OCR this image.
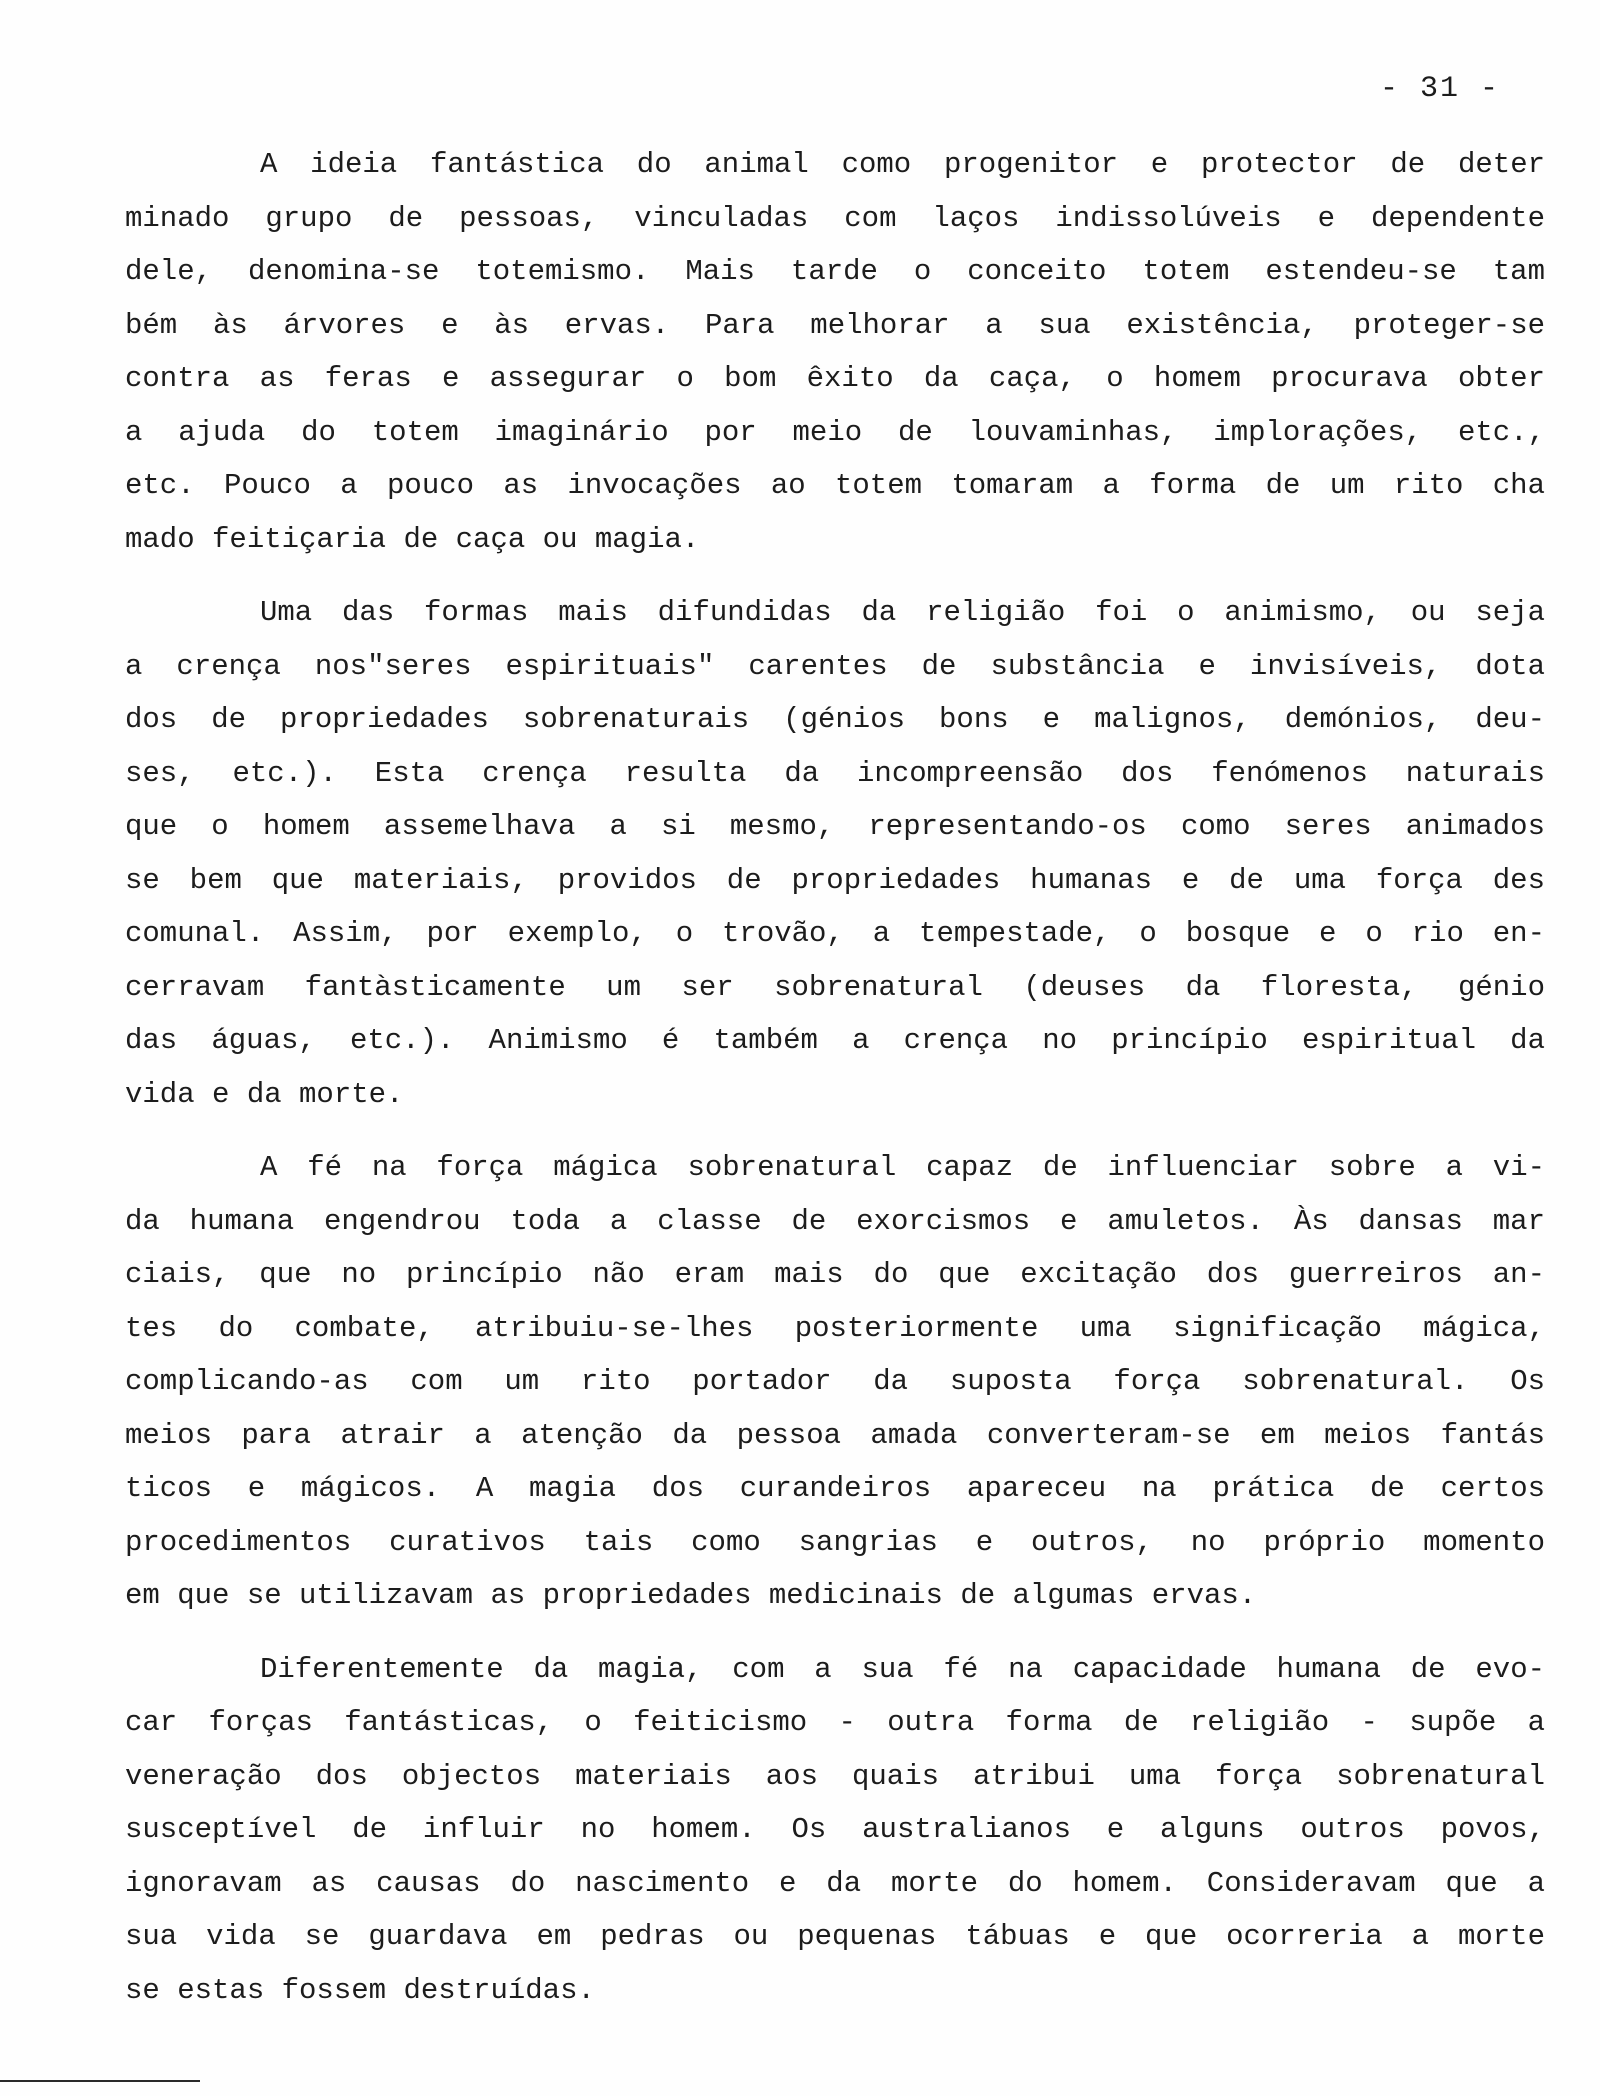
- 31 -
A ideia fantástica do animal como progenitor e protector de deter
minado grupo de pessoas, vinculadas com laços indissolúveis e dependente
dele, denomina-se totemismo. Mais tarde o conceito totem estendeu-se tam
bém às árvores e às ervas. Para melhorar a sua existência, proteger-se
contra as feras e assegurar o bom êxito da caça, o homem procurava obter
a ajuda do totem imaginário por meio de louvaminhas, implorações, etc.,
etc. Pouco a pouco as invocações ao totem tomaram a forma de um rito cha
mado feitiçaria de caça ou magia.
Uma das formas mais difundidas da religião foi o animismo, ou seja
a crença nos"seres espirituais" carentes de substância e invisíveis, dota
dos de propriedades sobrenaturais (génios bons e malignos, demónios, deu-
ses, etc.). Esta crença resulta da incompreensão dos fenómenos naturais
que o homem assemelhava a si mesmo, representando-os como seres animados
se bem que materiais, providos de propriedades humanas e de uma força des
comunal. Assim, por exemplo, o trovão, a tempestade, o bosque e o rio en-
cerravam fantàsticamente um ser sobrenatural (deuses da floresta, génio
das águas, etc.). Animismo é também a crença no princípio espiritual da
vida e da morte.
A fé na força mágica sobrenatural capaz de influenciar sobre a vi-
da humana engendrou toda a classe de exorcismos e amuletos. Às dansas mar
ciais, que no princípio não eram mais do que excitação dos guerreiros an-
tes do combate, atribuiu-se-lhes posteriormente uma significação mágica,
complicando-as com um rito portador da suposta força sobrenatural. Os
meios para atrair a atenção da pessoa amada converteram-se em meios fantás
ticos e mágicos. A magia dos curandeiros apareceu na prática de certos
procedimentos curativos tais como sangrias e outros, no próprio momento
em que se utilizavam as propriedades medicinais de algumas ervas.
Diferentemente da magia, com a sua fé na capacidade humana de evo-
car forças fantásticas, o feiticismo - outra forma de religião - supõe a
veneração dos objectos materiais aos quais atribui uma força sobrenatural
susceptível de influir no homem. Os australianos e alguns outros povos,
ignoravam as causas do nascimento e da morte do homem. Consideravam que a
sua vida se guardava em pedras ou pequenas tábuas e que ocorreria a morte
se estas fossem destruídas.
